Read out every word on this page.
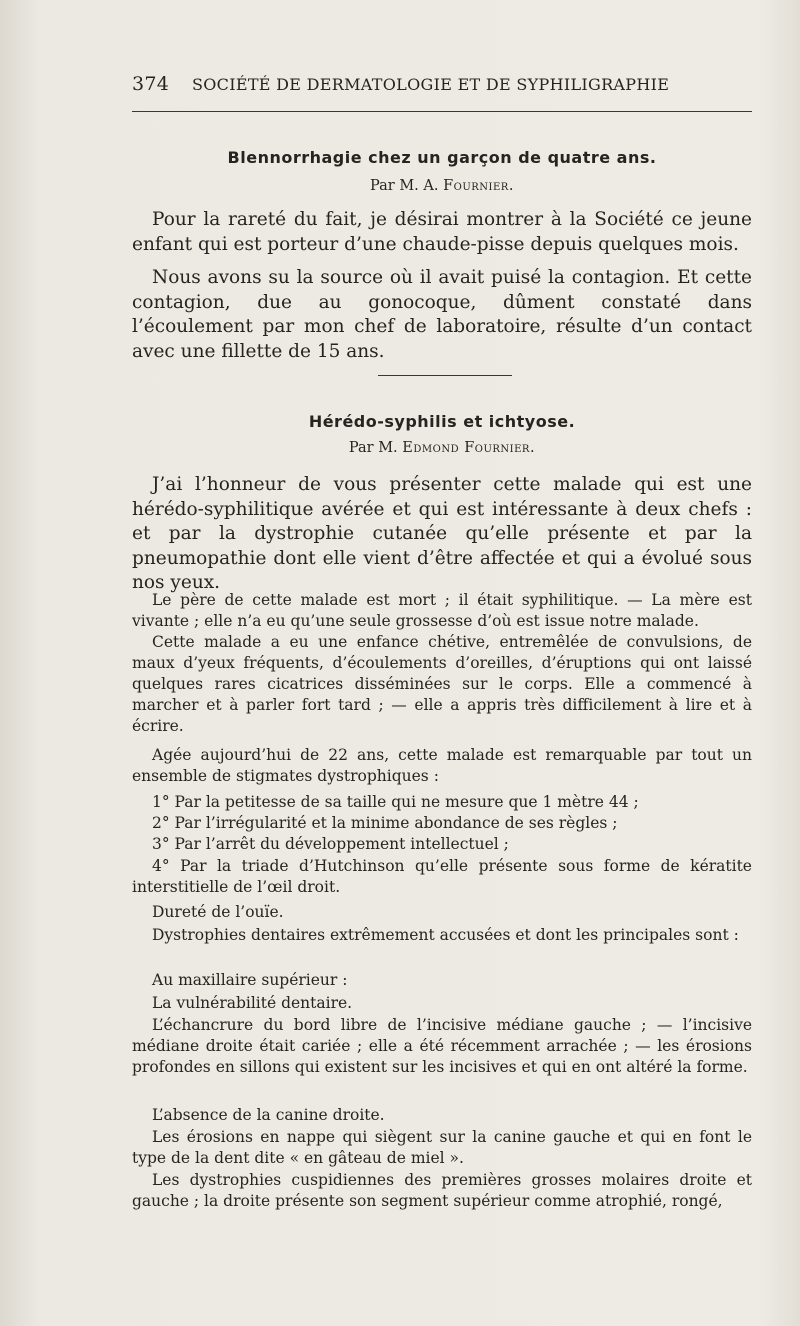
374 SOCIÉTÉ DE DERMATOLOGIE ET DE SYPHILIGRAPHIE
Blennorrhagie chez un garçon de quatre ans.
Par M. A. Fournier.

Pour la rareté du fait, je désirai montrer à la Société ce jeune enfant qui est porteur d’une chaude-pisse depuis quelques mois.

Nous avons su la source où il avait puisé la contagion. Et cette contagion, due au gonocoque, dûment constaté dans l’écoulement par mon chef de laboratoire, résulte d’un contact avec une fillette de 15 ans.

Hérédo-syphilis et ichtyose.
Par M. Edmond Fournier.

J’ai l’honneur de vous présenter cette malade qui est une hérédo-syphilitique avérée et qui est intéressante à deux chefs : et par la dystrophie cutanée qu’elle présente et par la pneumopathie dont elle vient d’être affectée et qui a évolué sous nos yeux.

Le père de cette malade est mort ; il était syphilitique. — La mère est vivante ; elle n’a eu qu’une seule grossesse d’où est issue notre malade.

Cette malade a eu une enfance chétive, entremêlée de convulsions, de maux d’yeux fréquents, d’écoulements d’oreilles, d’éruptions qui ont laissé quelques rares cicatrices disséminées sur le corps. Elle a commencé à marcher et à parler fort tard ; — elle a appris très difficilement à lire et à écrire.

Agée aujourd’hui de 22 ans, cette malade est remarquable par tout un ensemble de stigmates dystrophiques :

1° Par la petitesse de sa taille qui ne mesure que 1 mètre 44 ;

2° Par l’irrégularité et la minime abondance de ses règles ;

3° Par l’arrêt du développement intellectuel ;

4° Par la triade d’Hutchinson qu’elle présente sous forme de kératite interstitielle de l’œil droit.

Dureté de l’ouïe.

Dystrophies dentaires extrêmement accusées et dont les principales sont :

Au maxillaire supérieur :

La vulnérabilité dentaire.

L’échancrure du bord libre de l’incisive médiane gauche ; — l’incisive médiane droite était cariée ; elle a été récemment arrachée ; — les érosions profondes en sillons qui existent sur les incisives et qui en ont altéré la forme.

L’absence de la canine droite.

Les érosions en nappe qui siègent sur la canine gauche et qui en font le type de la dent dite « en gâteau de miel ».

Les dystrophies cuspidiennes des premières grosses molaires droite et gauche ; la droite présente son segment supérieur comme atrophié, rongé,
